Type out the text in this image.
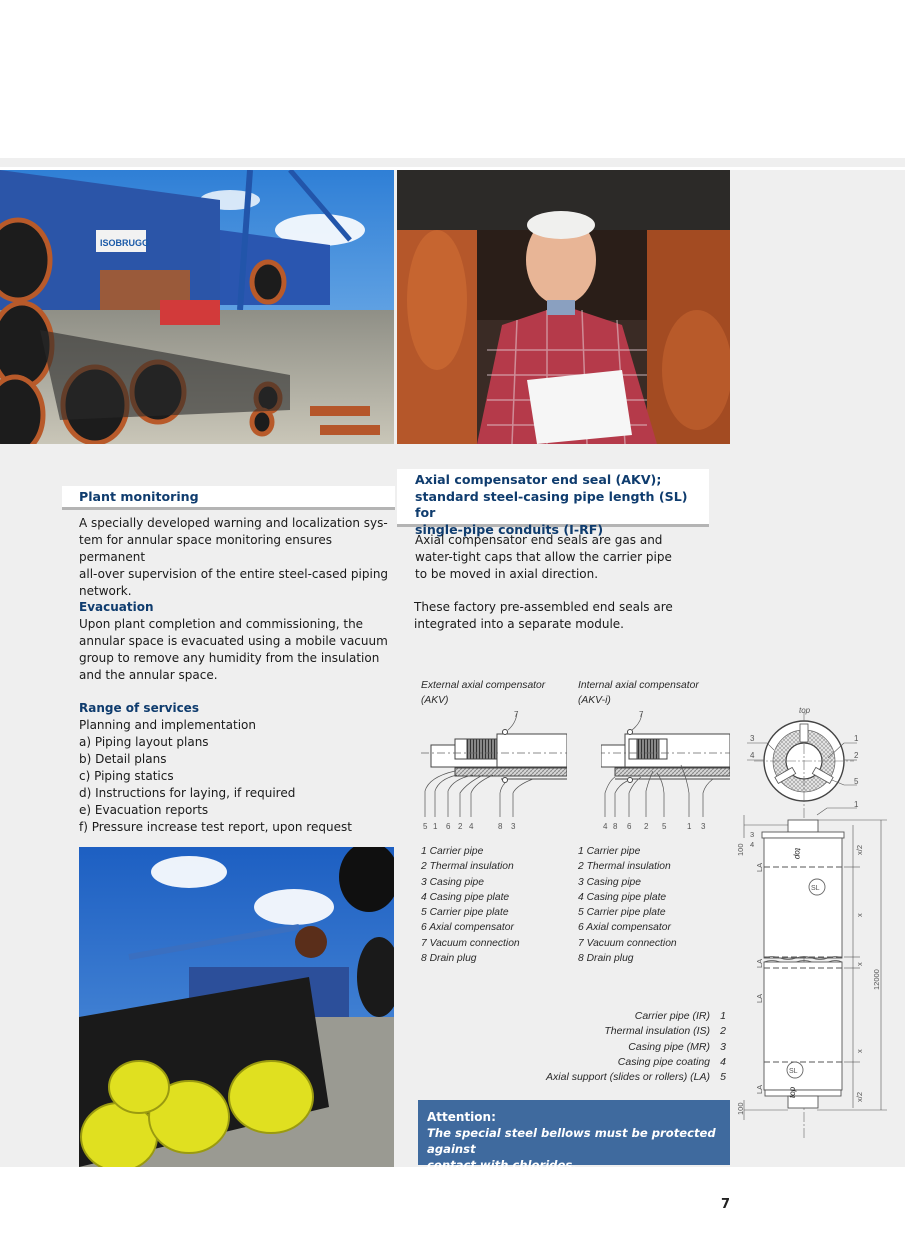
ISOBRUGG
Plant monitoring
A specially developed warning and localization sys-
tem for annular space monitoring ensures permanent
all-over supervision of the entire steel-cased piping
network.
Evacuation
Upon plant completion and commissioning, the
annular space is evacuated using a mobile vacuum
group to remove any humidity from the insulation
and the annular space.
Range of services
Planning and implementation
a) Piping layout plans
b) Detail plans
c) Piping statics
d) Instructions for laying, if required
e) Evacuation reports
f) Pressure increase test report, upon request
Axial compensator end seal (AKV);
standard steel-casing pipe length (SL) for
single-pipe conduits (I-RF)
Axial compensator end seals are gas and
water-tight caps that allow the carrier pipe
to be moved in axial direction.
These factory pre-assembled end seals are
integrated into a separate module.
External axial compensator
(AKV)
Internal axial compensator
(AKV-i)
7
5 1 6 2 4	8 3
7
4 8 6 2 5	1 3
1 Carrier pipe
2 Thermal insulation
3 Casing pipe
4 Casing pipe plate
5 Carrier pipe plate
6 Axial compensator
7 Vacuum connection
8 Drain plug
1 Carrier pipe
2 Thermal insulation
3 Casing pipe
4 Casing pipe plate
5 Carrier pipe plate
6 Axial compensator
7 Vacuum connection
8 Drain plug
Carrier pipe (IR) 1
Thermal insulation (IS) 2
Casing pipe (MR) 3
Casing pipe coating 4
Axial support (slides or rollers) (LA) 5
Attention:
The special steel bellows must be protected against
contact with chlorides.
top
3
4
1
2
5
1
100
100
LA
LA
LA
LA
x/2
x
x
x
x/2
12000
3
4
top
top
SL
SL
7
